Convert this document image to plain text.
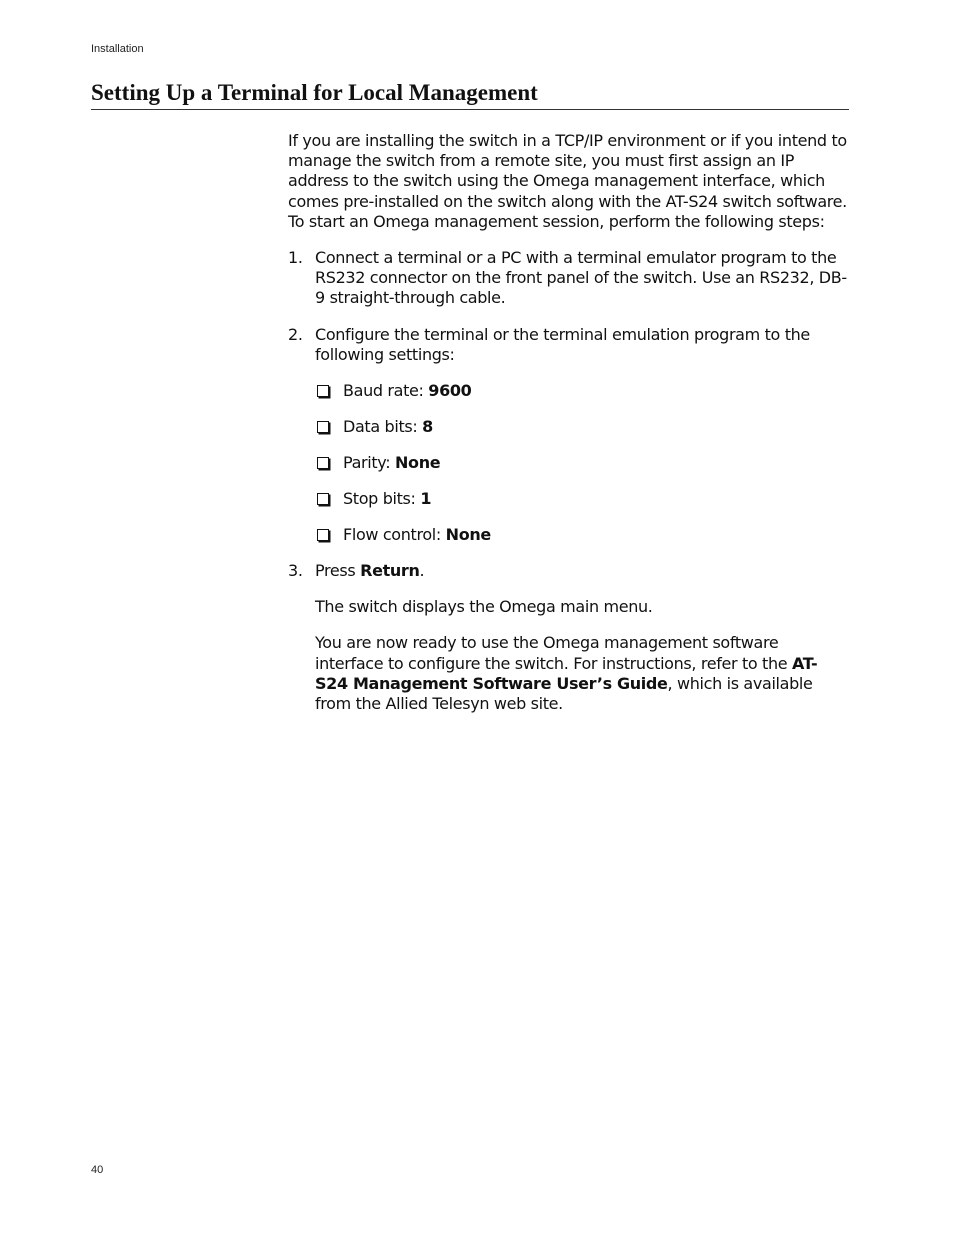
Installation
Setting Up a Terminal for Local Management

If you are installing the switch in a TCP/IP environment or if you intend to manage the switch from a remote site, you must first assign an IP address to the switch using the Omega management interface, which comes pre-installed on the switch along with the AT-S24 switch software. To start an Omega management session, perform the following steps:

1. Connect a terminal or a PC with a terminal emulator program to the RS232 connector on the front panel of the switch. Use an RS232, DB-9 straight-through cable.

2. Configure the terminal or the terminal emulation program to the following settings:

Baud rate: 9600
Data bits: 8
Parity: None
Stop bits: 1
Flow control: None
3. Press Return.

The switch displays the Omega main menu.

You are now ready to use the Omega management software interface to configure the switch. For instructions, refer to the AT-S24 Management Software User’s Guide, which is available from the Allied Telesyn web site.

40
